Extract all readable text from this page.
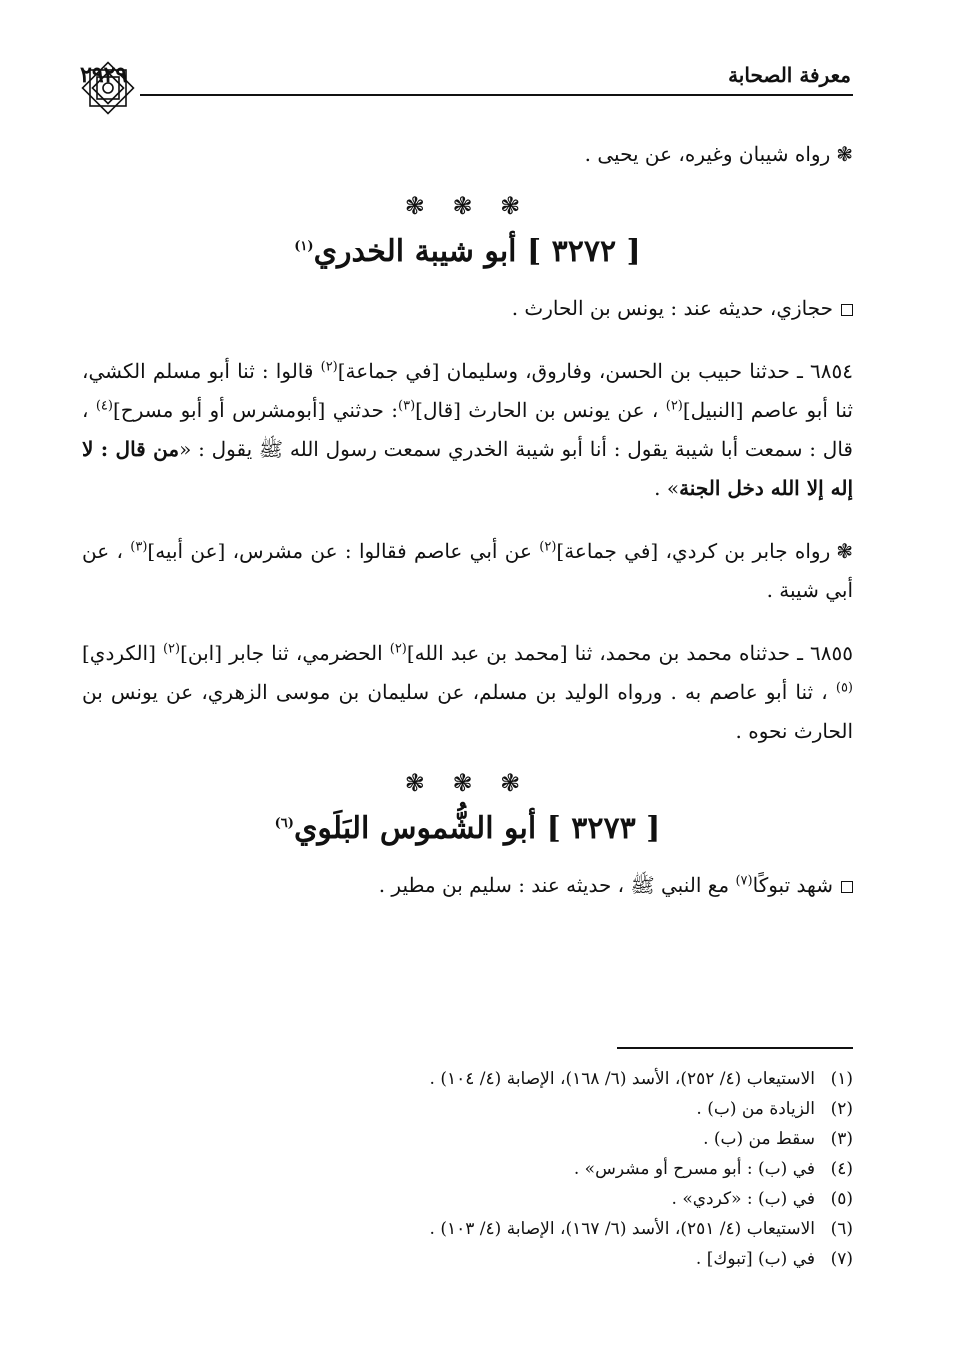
معرفة الصحابة
٢٩٢٩

❃رواه شيبان وغيره، عن يحيى .

❃ ❃ ❃
[ ٣٢٧٢ ] أبو شيبة الخدري$^{(١)}$

حجازي، حديثه عند : يونس بن الحارث .

٦٨٥٤ ـ حدثنا حبيب بن الحسن، وفاروق، وسليمان [في جماعة]$^{(٢)}$ قالوا : ثنا أبو مسلم الكشي، ثنا أبو عاصم [النبيل]$^{(٢)}$ ، عن يونس بن الحارث [قال]$^{(٣)}$: حدثني [أبومشرس أو أبو مسرح]$^{(٤)}$ ، قال : سمعت أبا شيبة يقول : أنا أبو شيبة الخدري سمعت رسول الله ﷺ يقول : «من قال : لا إله إلا الله دخل الجنة» .

❃رواه جابر بن كردي، [في جماعة]$^{(٢)}$ عن أبي عاصم فقالوا : عن مشرس، [عن أبيه]$^{(٣)}$ ، عن أبي شيبة .

٦٨٥٥ ـ حدثناه محمد بن محمد، ثنا [محمد بن عبد الله]$^{(٢)}$ الحضرمي، ثنا جابر [ابن]$^{(٢)}$ [الكردي]$^{(٥)}$ ، ثنا أبو عاصم به . ورواه الوليد بن مسلم، عن سليمان بن موسى الزهري، عن يونس بن الحارث نحوه .

❃ ❃ ❃
[ ٣٢٧٣ ] أبو الشُّموس البَلَوي$^{(٦)}$

شهد تبوكًا$^{(٧)}$ مع النبي ﷺ ، حديثه عند : سليم بن مطير .

(١)
الاستيعاب (٤/ ٢٥٢)، الأسد (٦/ ١٦٨)، الإصابة (٤/ ١٠٤) .
(٢)
الزيادة من (ب) .
(٣)
سقط من (ب) .
(٤)
في (ب) : أبو مسرح أو مشرس» .
(٥)
في (ب) : «كردي» .
(٦)
الاستيعاب (٤/ ٢٥١)، الأسد (٦/ ١٦٧)، الإصابة (٤/ ١٠٣) .
(٧)
في (ب) [تبوك] .
